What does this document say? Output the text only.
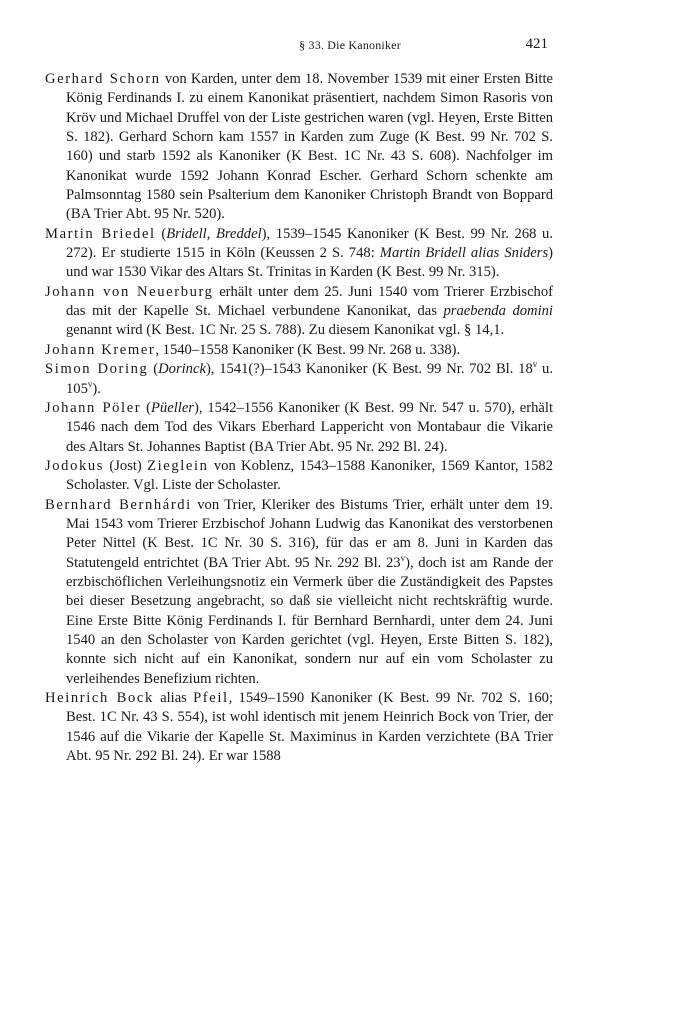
§ 33. Die Kanoniker	421

Gerhard Schorn von Karden, unter dem 18. November 1539 mit einer Ersten Bitte König Ferdinands I. zu einem Kanonikat präsentiert, nachdem Simon Rasoris von Kröv und Michael Druffel von der Liste gestrichen waren (vgl. Heyen, Erste Bitten S. 182). Gerhard Schorn kam 1557 in Karden zum Zuge (K Best. 99 Nr. 702 S. 160) und starb 1592 als Kanoniker (K Best. 1C Nr. 43 S. 608). Nachfolger im Kanonikat wurde 1592 Johann Konrad Escher. Gerhard Schorn schenkte am Palmsonntag 1580 sein Psalterium dem Kanoniker Christoph Brandt von Boppard (BA Trier Abt. 95 Nr. 520).

Martin Briedel (Bridell, Breddel), 1539–1545 Kanoniker (K Best. 99 Nr. 268 u. 272). Er studierte 1515 in Köln (Keussen 2 S. 748: Martin Bridell alias Sniders) und war 1530 Vikar des Altars St. Trinitas in Karden (K Best. 99 Nr. 315).

Johann von Neuerburg erhält unter dem 25. Juni 1540 vom Trierer Erzbischof das mit der Kapelle St. Michael verbundene Kanonikat, das praebenda domini genannt wird (K Best. 1C Nr. 25 S. 788). Zu diesem Kanonikat vgl. § 14,1.

Johann Kremer, 1540–1558 Kanoniker (K Best. 99 Nr. 268 u. 338).

Simon Doring (Dorinck), 1541(?)–1543 Kanoniker (K Best. 99 Nr. 702 Bl. 18$^v$ u. 105$^v$).

Johann Pöler (Püeller), 1542–1556 Kanoniker (K Best. 99 Nr. 547 u. 570), erhält 1546 nach dem Tod des Vikars Eberhard Lappericht von Montabaur die Vikarie des Altars St. Johannes Baptist (BA Trier Abt. 95 Nr. 292 Bl. 24).

Jodokus (Jost) Zieglein von Koblenz, 1543–1588 Kanoniker, 1569 Kantor, 1582 Scholaster. Vgl. Liste der Scholaster.

Bernhard Bernhárdi von Trier, Kleriker des Bistums Trier, erhält unter dem 19. Mai 1543 vom Trierer Erzbischof Johann Ludwig das Kanonikat des verstorbenen Peter Nittel (K Best. 1C Nr. 30 S. 316), für das er am 8. Juni in Karden das Statutengeld entrichtet (BA Trier Abt. 95 Nr. 292 Bl. 23$^v$), doch ist am Rande der erzbischöflichen Verleihungsnotiz ein Vermerk über die Zuständigkeit des Papstes bei dieser Besetzung angebracht, so daß sie vielleicht nicht rechtskräftig wurde. Eine Erste Bitte König Ferdinands I. für Bernhard Bernhardi, unter dem 24. Juni 1540 an den Scholaster von Karden gerichtet (vgl. Heyen, Erste Bitten S. 182), konnte sich nicht auf ein Kanonikat, sondern nur auf ein vom Scholaster zu verleihendes Benefizium richten.

Heinrich Bock alias Pfeil, 1549–1590 Kanoniker (K Best. 99 Nr. 702 S. 160; Best. 1C Nr. 43 S. 554), ist wohl identisch mit jenem Heinrich Bock von Trier, der 1546 auf die Vikarie der Kapelle St. Maximinus in Karden verzichtete (BA Trier Abt. 95 Nr. 292 Bl. 24). Er war 1588
